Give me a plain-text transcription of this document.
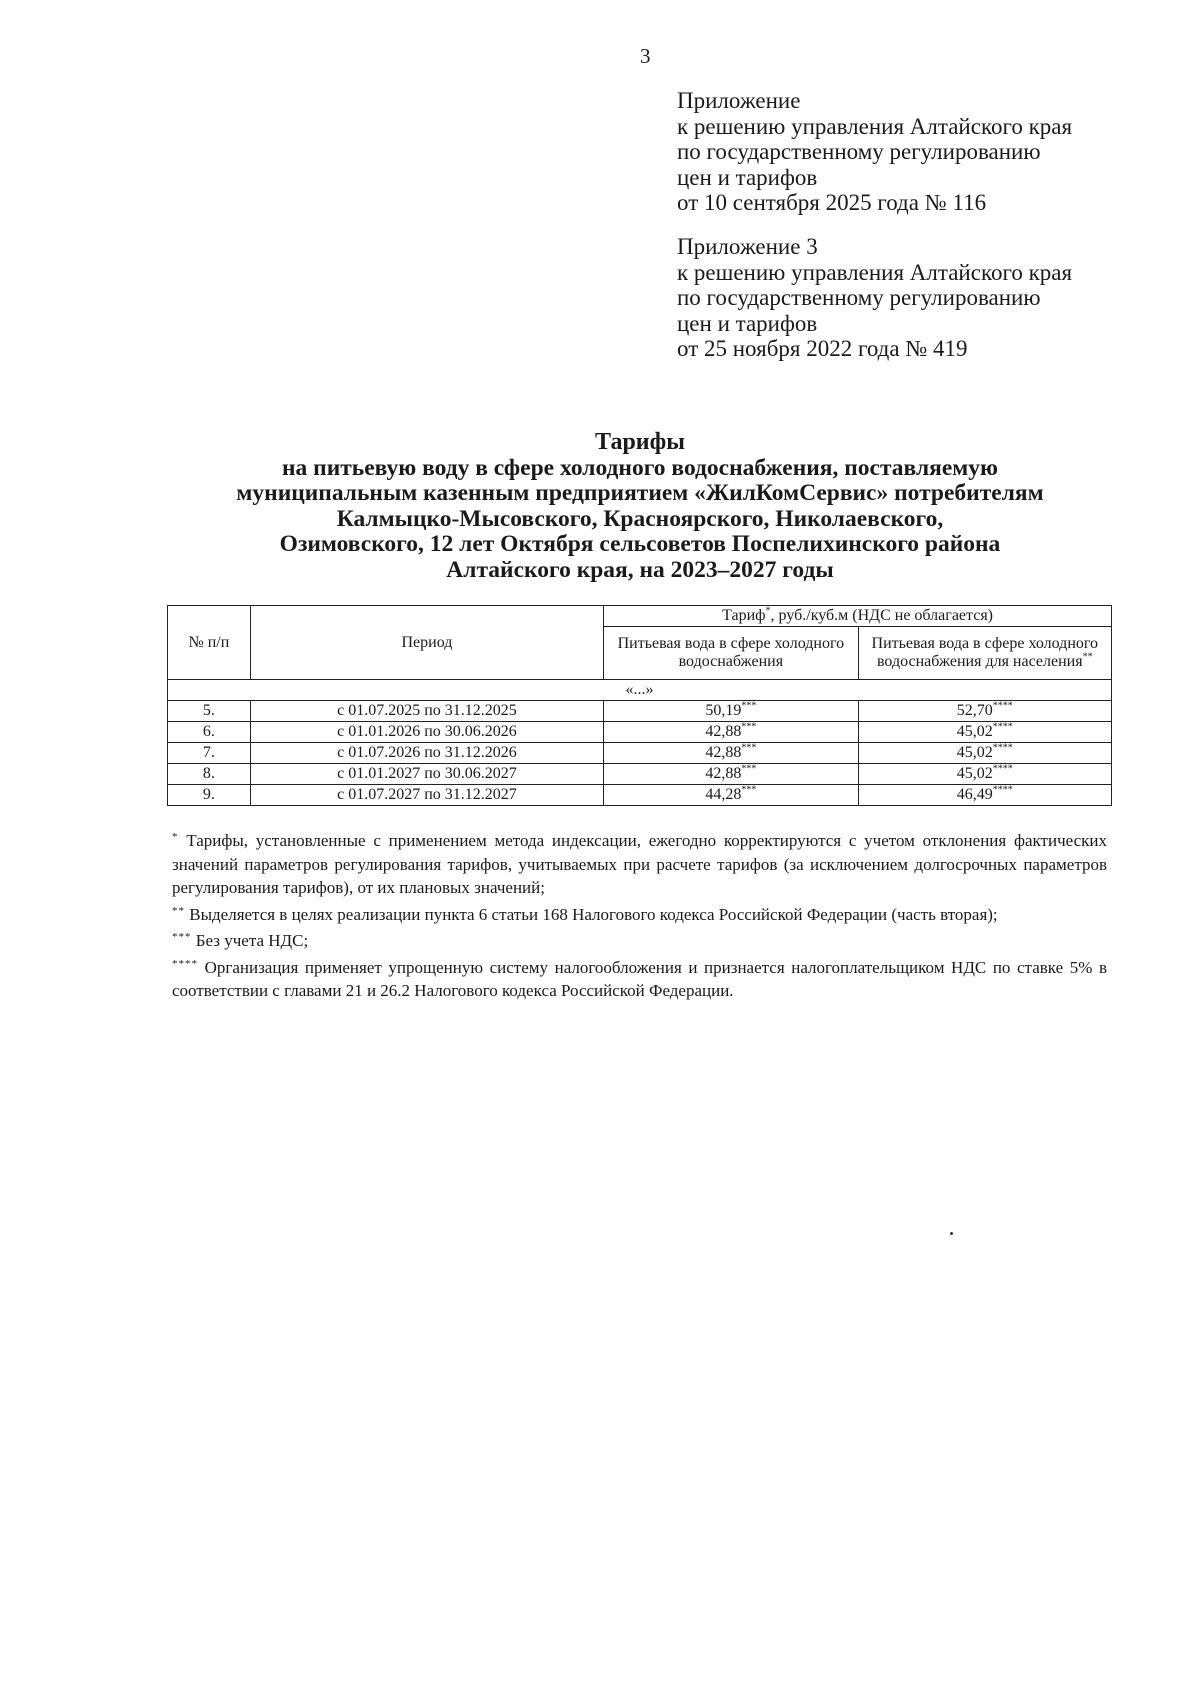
3
Приложение
к решению управления Алтайского края
по государственному регулированию
цен и тарифов
от 10 сентября 2025 года № 116
Приложение 3
к решению управления Алтайского края
по государственному регулированию
цен и тарифов
от 25 ноября 2022 года № 419
Тарифы
на питьевую воду в сфере холодного водоснабжения, поставляемую
муниципальным казенным предприятием «ЖилКомСервис» потребителям
Калмыцко-Мысовского, Красноярского, Николаевского,
Озимовского, 12 лет Октября сельсоветов Поспелихинского района
Алтайского края, на 2023–2027 годы
№ п/п	Период	Тариф*, руб./куб.м (НДС не облагается)	
		Питьевая вода в сфере холодного водоснабжения	Питьевая вода в сфере холодного водоснабжения для населения**
«...»			
5.	с 01.07.2025 по 31.12.2025	50,19***	52,70****
6.	с 01.01.2026 по 30.06.2026	42,88***	45,02****
7.	с 01.07.2026 по 31.12.2026	42,88***	45,02****
8.	с 01.01.2027 по 30.06.2027	42,88***	45,02****
9.	с 01.07.2027 по 31.12.2027	44,28***	46,49****

* Тарифы, установленные с применением метода индексации, ежегодно корректируются с учетом отклонения фактических значений параметров регулирования тарифов, учитываемых при расчете тарифов (за исключением долгосрочных параметров регулирования тарифов), от их плановых значений;

** Выделяется в целях реализации пункта 6 статьи 168 Налогового кодекса Российской Федерации (часть вторая);

*** Без учета НДС;

**** Организация применяет упрощенную систему налогообложения и признается налогоплательщиком НДС по ставке 5% в соответствии с главами 21 и 26.2 Налогового кодекса Российской Федерации.
